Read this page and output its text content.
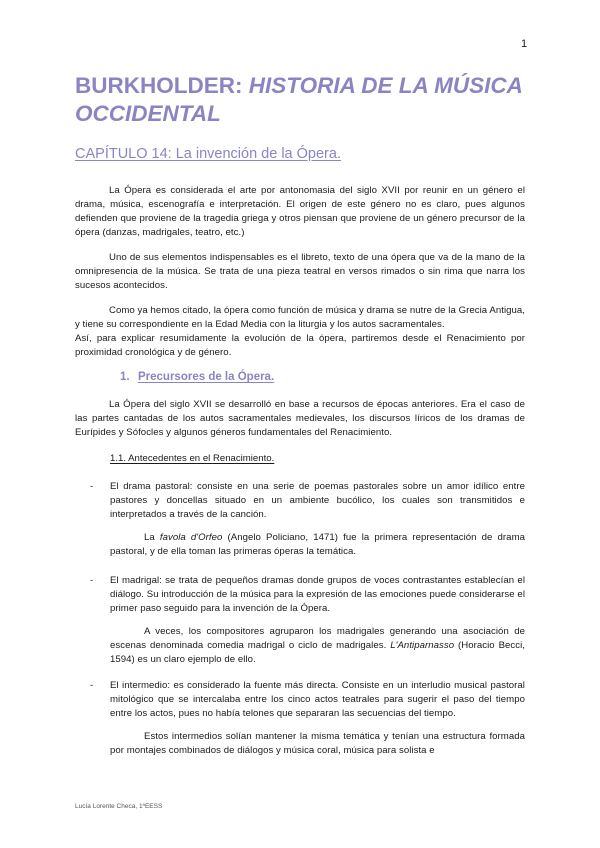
1
BURKHOLDER: HISTORIA DE LA MÚSICA OCCIDENTAL
CAPÍTULO 14: La invención de la Ópera.

La Ópera es considerada el arte por antonomasia del siglo XVII por reunir en un género el drama, música, escenografía e interpretación. El origen de este género no es claro, pues algunos defienden que proviene de la tragedia griega y otros piensan que proviene de un género precursor de la ópera (danzas, madrigales, teatro, etc.)

Uno de sus elementos indispensables es el libreto, texto de una ópera que va de la mano de la omnipresencia de la música. Se trata de una pieza teatral en versos rimados o sin rima que narra los sucesos acontecidos.

Como ya hemos citado, la ópera como función de música y drama se nutre de la Grecia Antigua, y tiene su correspondiente en la Edad Media con la liturgia y los autos sacramentales.

Así, para explicar resumidamente la evolución de la ópera, partiremos desde el Renacimiento por proximidad cronológica y de género.

1. Precursores de la Ópera.

La Ópera del siglo XVII se desarrolló en base a recursos de épocas anteriores. Era el caso de las partes cantadas de los autos sacramentales medievales, los discursos líricos de los dramas de Eurípides y Sófocles y algunos géneros fundamentales del Renacimiento.

1.1. Antecedentes en el Renacimiento.
- El drama pastoral: consiste en una serie de poemas pastorales sobre un amor idílico entre pastores y doncellas situado en un ambiente bucólico, los cuales son transmitidos e interpretados a través de la canción.

La favola d'Orfeo (Angelo Policiano, 1471) fue la primera representación de drama pastoral, y de ella toman las primeras óperas la temática.

- El madrigal: se trata de pequeños dramas donde grupos de voces contrastantes establecían el diálogo. Su introducción de la música para la expresión de las emociones puede considerarse el primer paso seguido para la invención de la Ópera.

A veces, los compositores agruparon los madrigales generando una asociación de escenas denominada comedia madrigal o ciclo de madrigales. L'Antiparnasso (Horacio Becci, 1594) es un claro ejemplo de ello.

- El intermedio: es considerado la fuente más directa. Consiste en un interludio musical pastoral mitológico que se intercalaba entre los cinco actos teatrales para sugerir el paso del tiempo entre los actos, pues no había telones que separaran las secuencias del tiempo.

Estos intermedios solían mantener la misma temática y tenían una estructura formada por montajes combinados de diálogos y música coral, música para solista e

Lucía Lorente Checa, 1ºEESS
